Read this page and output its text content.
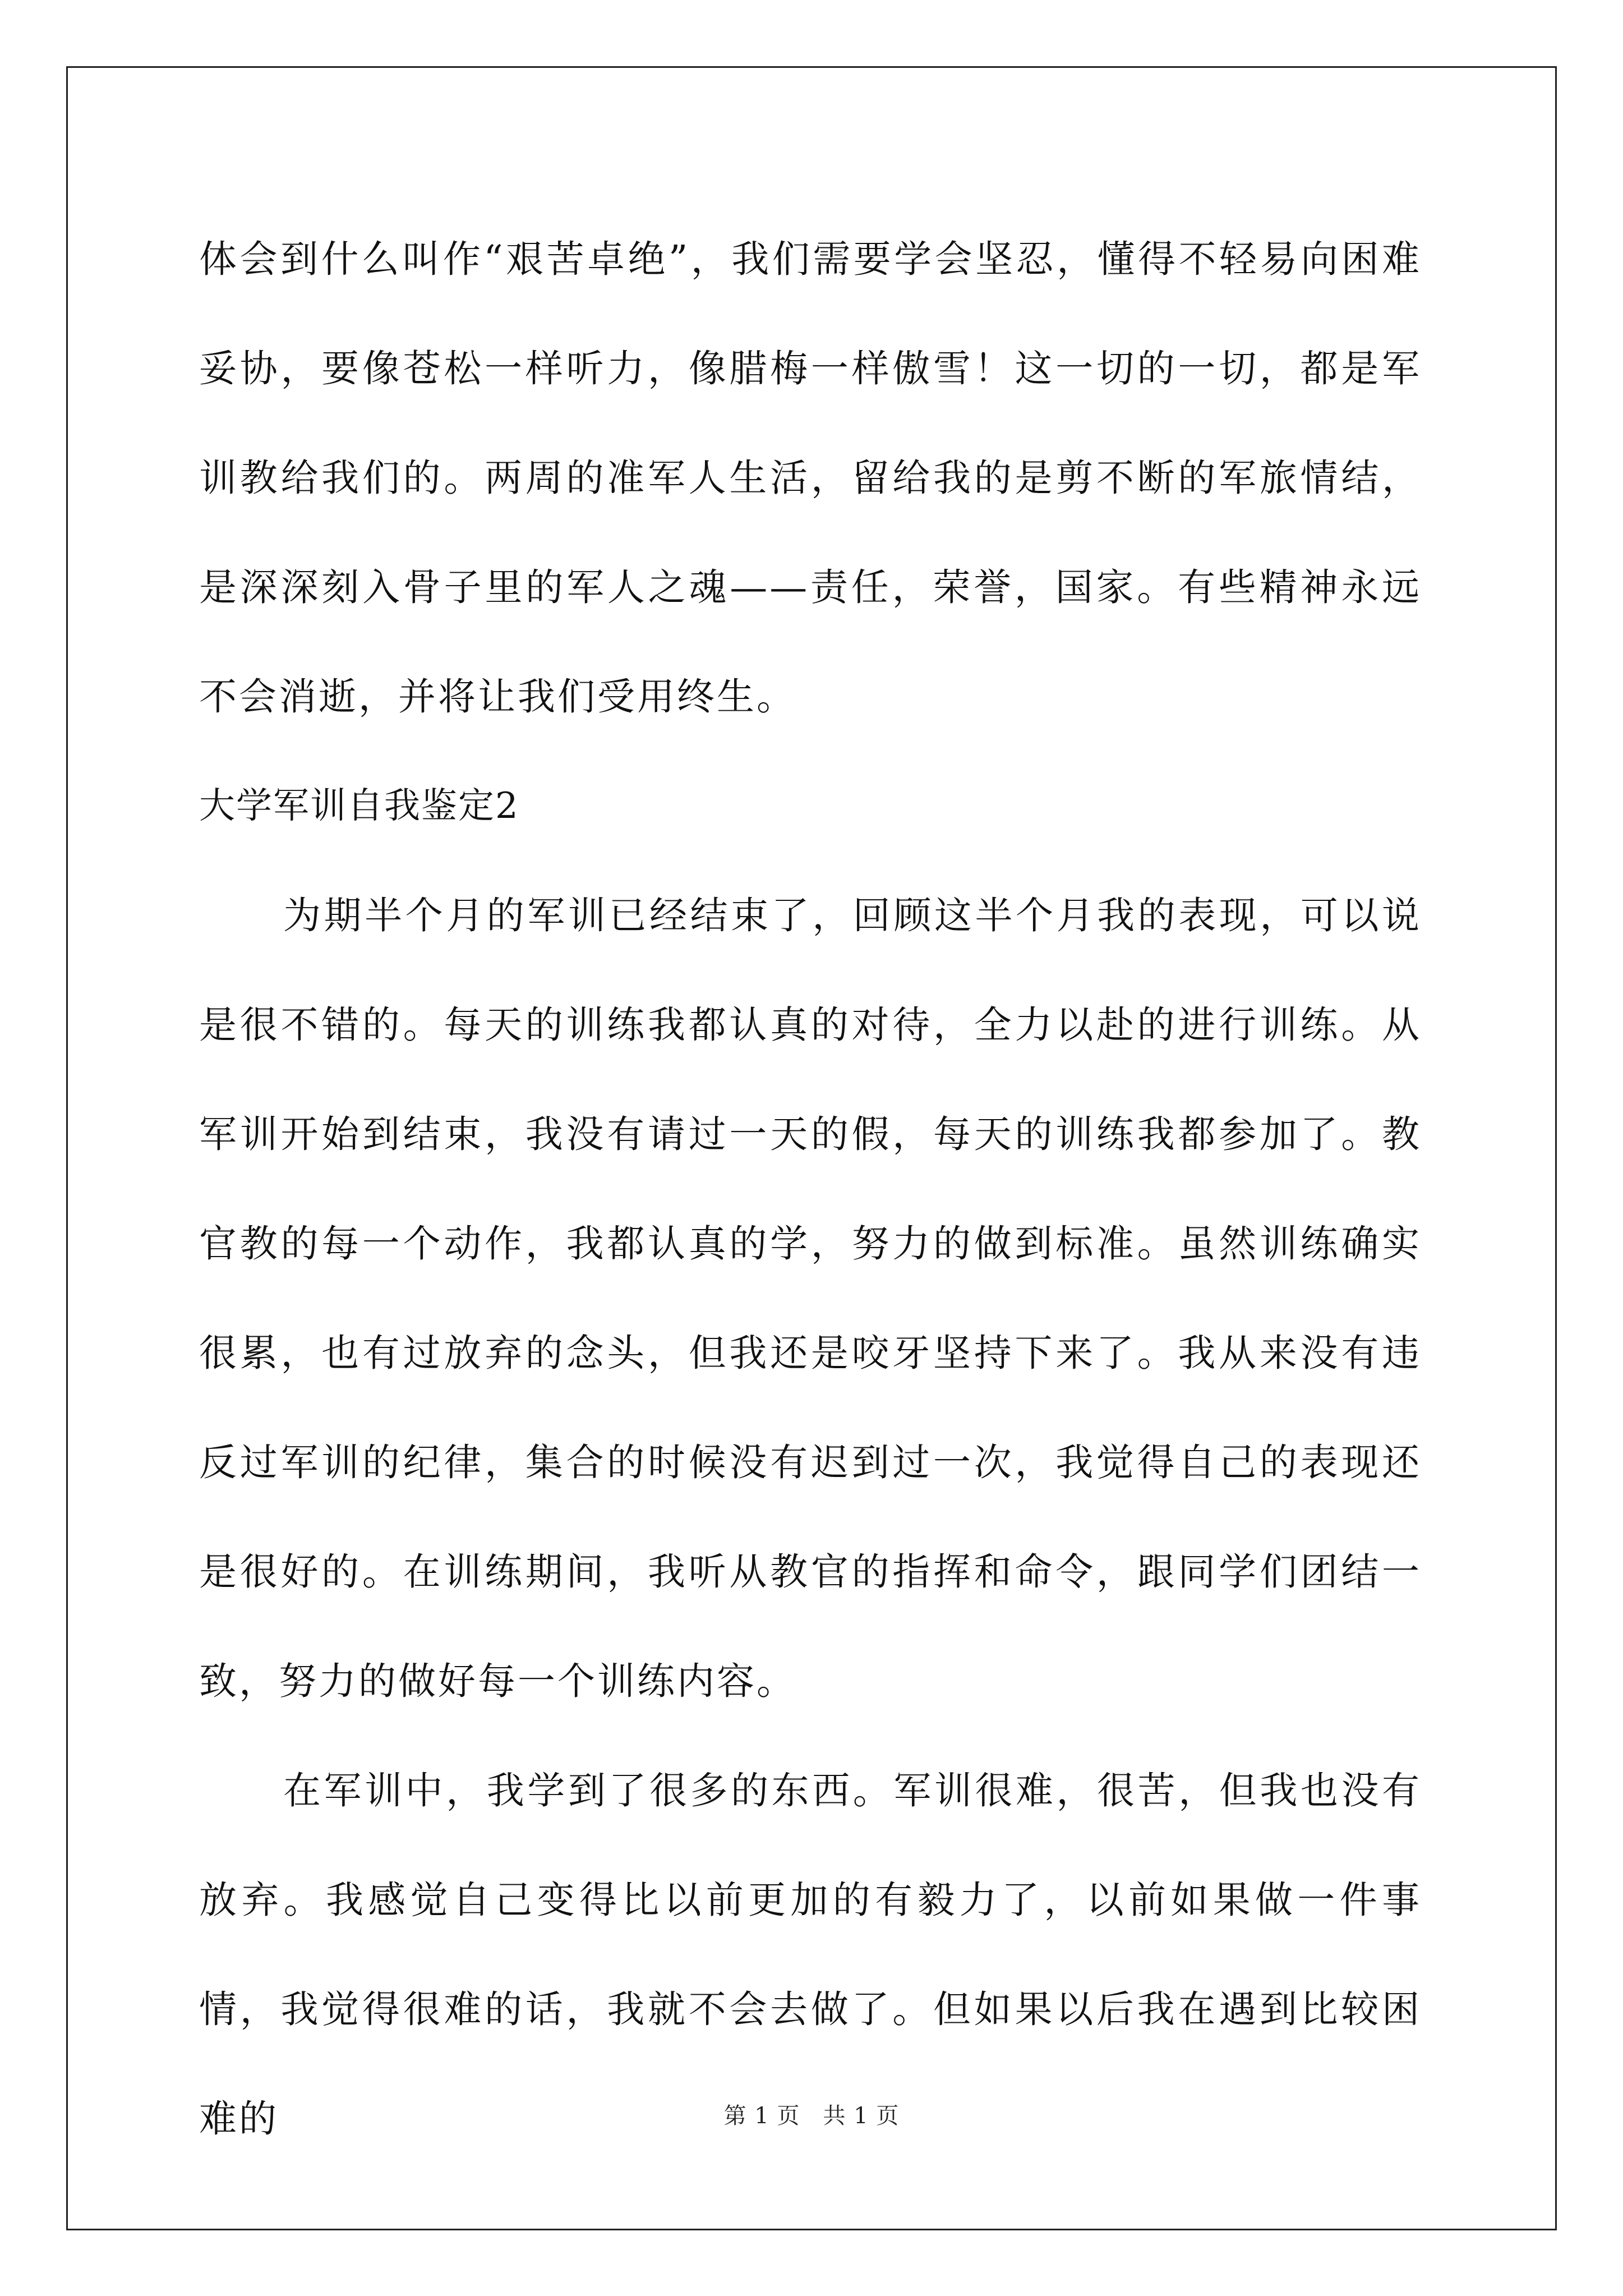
体会到什么叫作“艰苦卓绝”，我们需要学会坚忍，懂得不轻易向困难妥协，要像苍松一样听力，像腊梅一样傲雪！这一切的一切，都是军训教给我们的。两周的准军人生活，留给我的是剪不断的军旅情结，是深深刻入骨子里的军人之魂——责任，荣誉，国家。有些精神永远不会消逝，并将让我们受用终生。

大学军训自我鉴定2

为期半个月的军训已经结束了，回顾这半个月我的表现，可以说是很不错的。每天的训练我都认真的对待，全力以赴的进行训练。从军训开始到结束，我没有请过一天的假，每天的训练我都参加了。教官教的每一个动作，我都认真的学，努力的做到标准。虽然训练确实很累，也有过放弃的念头，但我还是咬牙坚持下来了。我从来没有违反过军训的纪律，集合的时候没有迟到过一次，我觉得自己的表现还是很好的。在训练期间，我听从教官的指挥和命令，跟同学们团结一致，努力的做好每一个训练内容。

在军训中，我学到了很多的东西。军训很难，很苦，但我也没有放弃。我感觉自己变得比以前更加的有毅力了，以前如果做一件事情，我觉得很难的话，我就不会去做了。但如果以后我在遇到比较困难的	第 1 页　共 1 页
